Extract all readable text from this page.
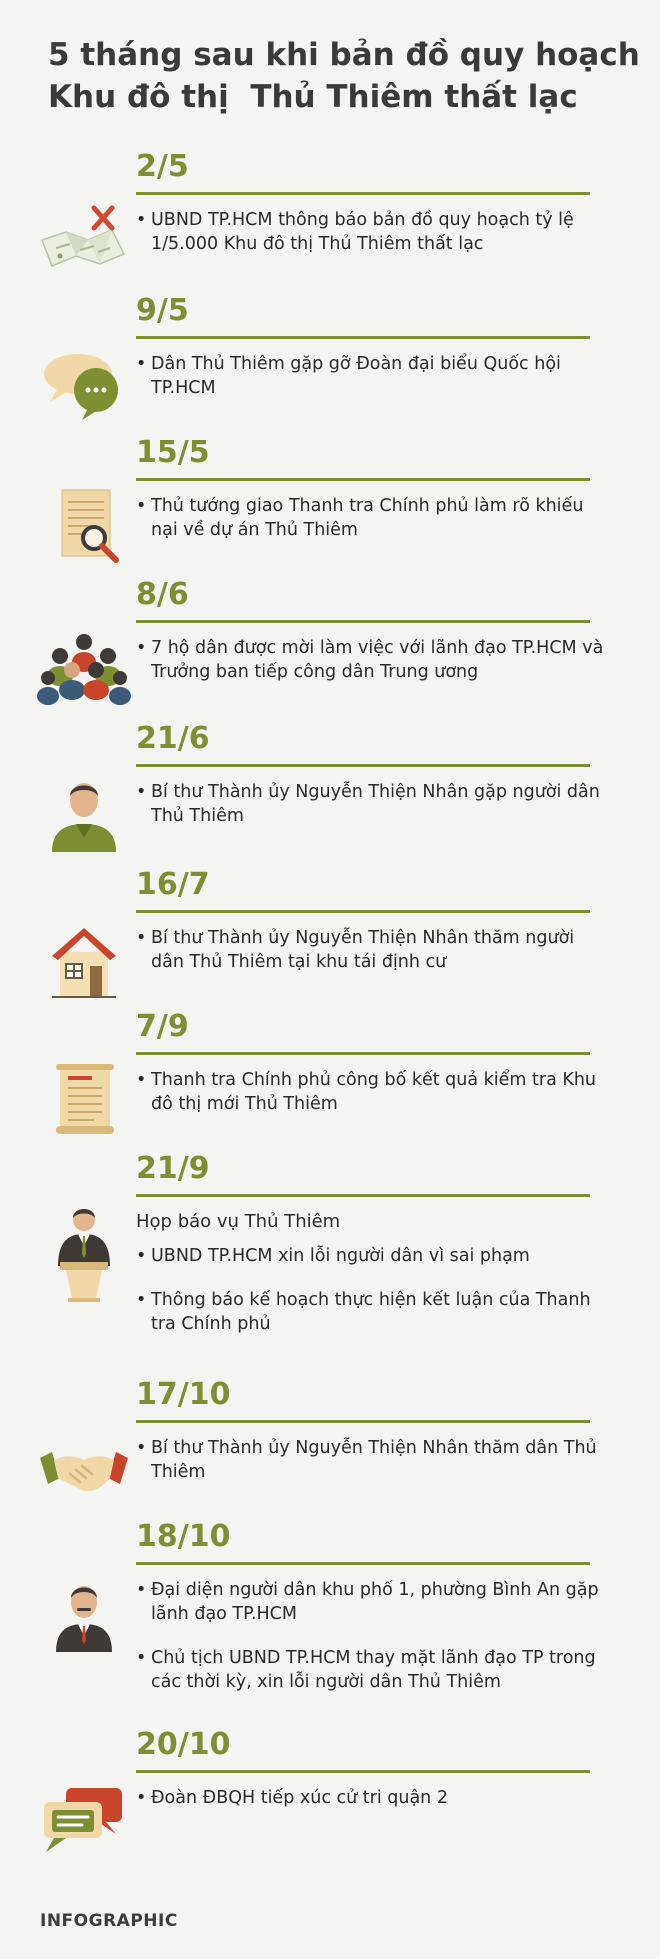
5 tháng sau khi bản đồ quy hoạch
Khu đô thị  Thủ Thiêm thất lạc
2/5

• UBND TP.HCM thông báo bản đồ quy hoạch tỷ lệ 1/5.000 Khu đô thị Thủ Thiêm thất lạc

9/5

• Dân Thủ Thiêm gặp gỡ Đoàn đại biểu Quốc hội TP.HCM

15/5

• Thủ tướng giao Thanh tra Chính phủ làm rõ khiếu nại về dự án Thủ Thiêm

8/6

• 7 hộ dân được mời làm việc với lãnh đạo TP.HCM và Trưởng ban tiếp công dân Trung ương

21/6

• Bí thư Thành ủy Nguyễn Thiện Nhân gặp người dân Thủ Thiêm

16/7

• Bí thư Thành ủy Nguyễn Thiện Nhân thăm người dân Thủ Thiêm tại khu tái định cư

7/9

• Thanh tra Chính phủ công bố kết quả kiểm tra Khu đô thị mới Thủ Thiêm

21/9

Họp báo vụ Thủ Thiêm

• UBND TP.HCM xin lỗi người dân vì sai phạm

• Thông báo kế hoạch thực hiện kết luận của Thanh tra Chính phủ

17/10

• Bí thư Thành ủy Nguyễn Thiện Nhân thăm dân Thủ Thiêm

18/10

• Đại diện người dân khu phố 1, phường Bình An gặp lãnh đạo TP.HCM

• Chủ tịch UBND TP.HCM thay mặt lãnh đạo TP trong các thời kỳ, xin lỗi người dân Thủ Thiêm

20/10

• Đoàn ĐBQH tiếp xúc cử tri quận 2

INFOGRAPHIC
